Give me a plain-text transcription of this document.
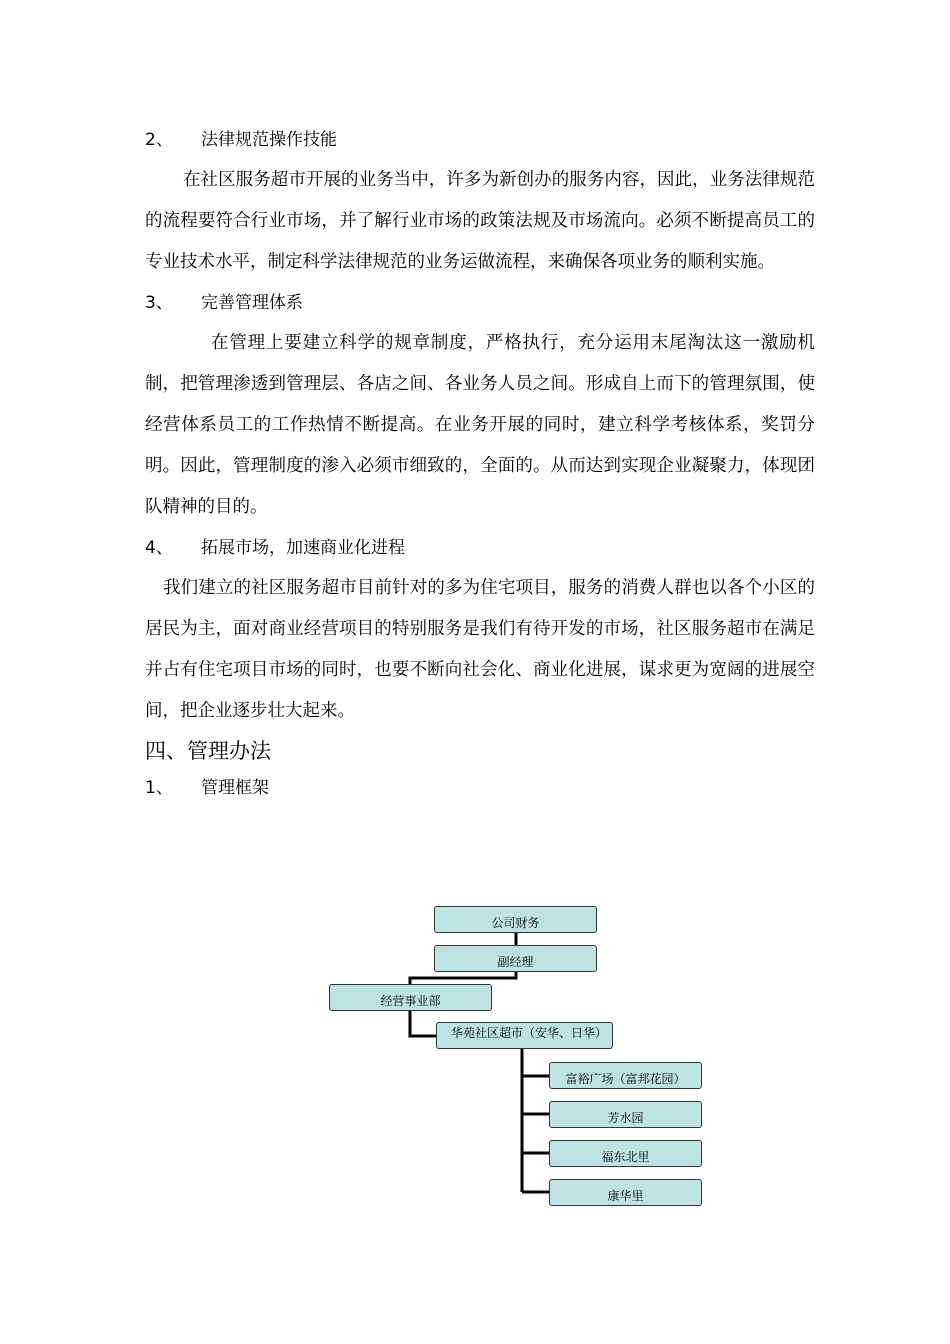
2、	法律规范操作技能

在社区服务超市开展的业务当中，许多为新创办的服务内容，因此，业务法律规范的流程要符合行业市场，并了解行业市场的政策法规及市场流向。必须不断提高员工的专业技术水平，制定科学法律规范的业务运做流程，来确保各项业务的顺利实施。

3、	完善管理体系

在管理上要建立科学的规章制度，严格执行，充分运用末尾淘汰这一激励机制，把管理渗透到管理层、各店之间、各业务人员之间。形成自上而下的管理氛围，使经营体系员工的工作热情不断提高。在业务开展的同时，建立科学考核体系，奖罚分明。因此，管理制度的渗入必须市细致的，全面的。从而达到实现企业凝聚力，体现团队精神的目的。

4、	拓展市场，加速商业化进程

我们建立的社区服务超市目前针对的多为住宅项目，服务的消费人群也以各个小区的居民为主，面对商业经营项目的特别服务是我们有待开发的市场，社区服务超市在满足并占有住宅项目市场的同时，也要不断向社会化、商业化进展，谋求更为宽阔的进展空间，把企业逐步壮大起来。

四、管理办法
1、	管理框架
公司财务
副经理
经营事业部
华苑社区超市（安华、日华）
富裕广场（富邦花园）
芳水园
福东北里
康华里
